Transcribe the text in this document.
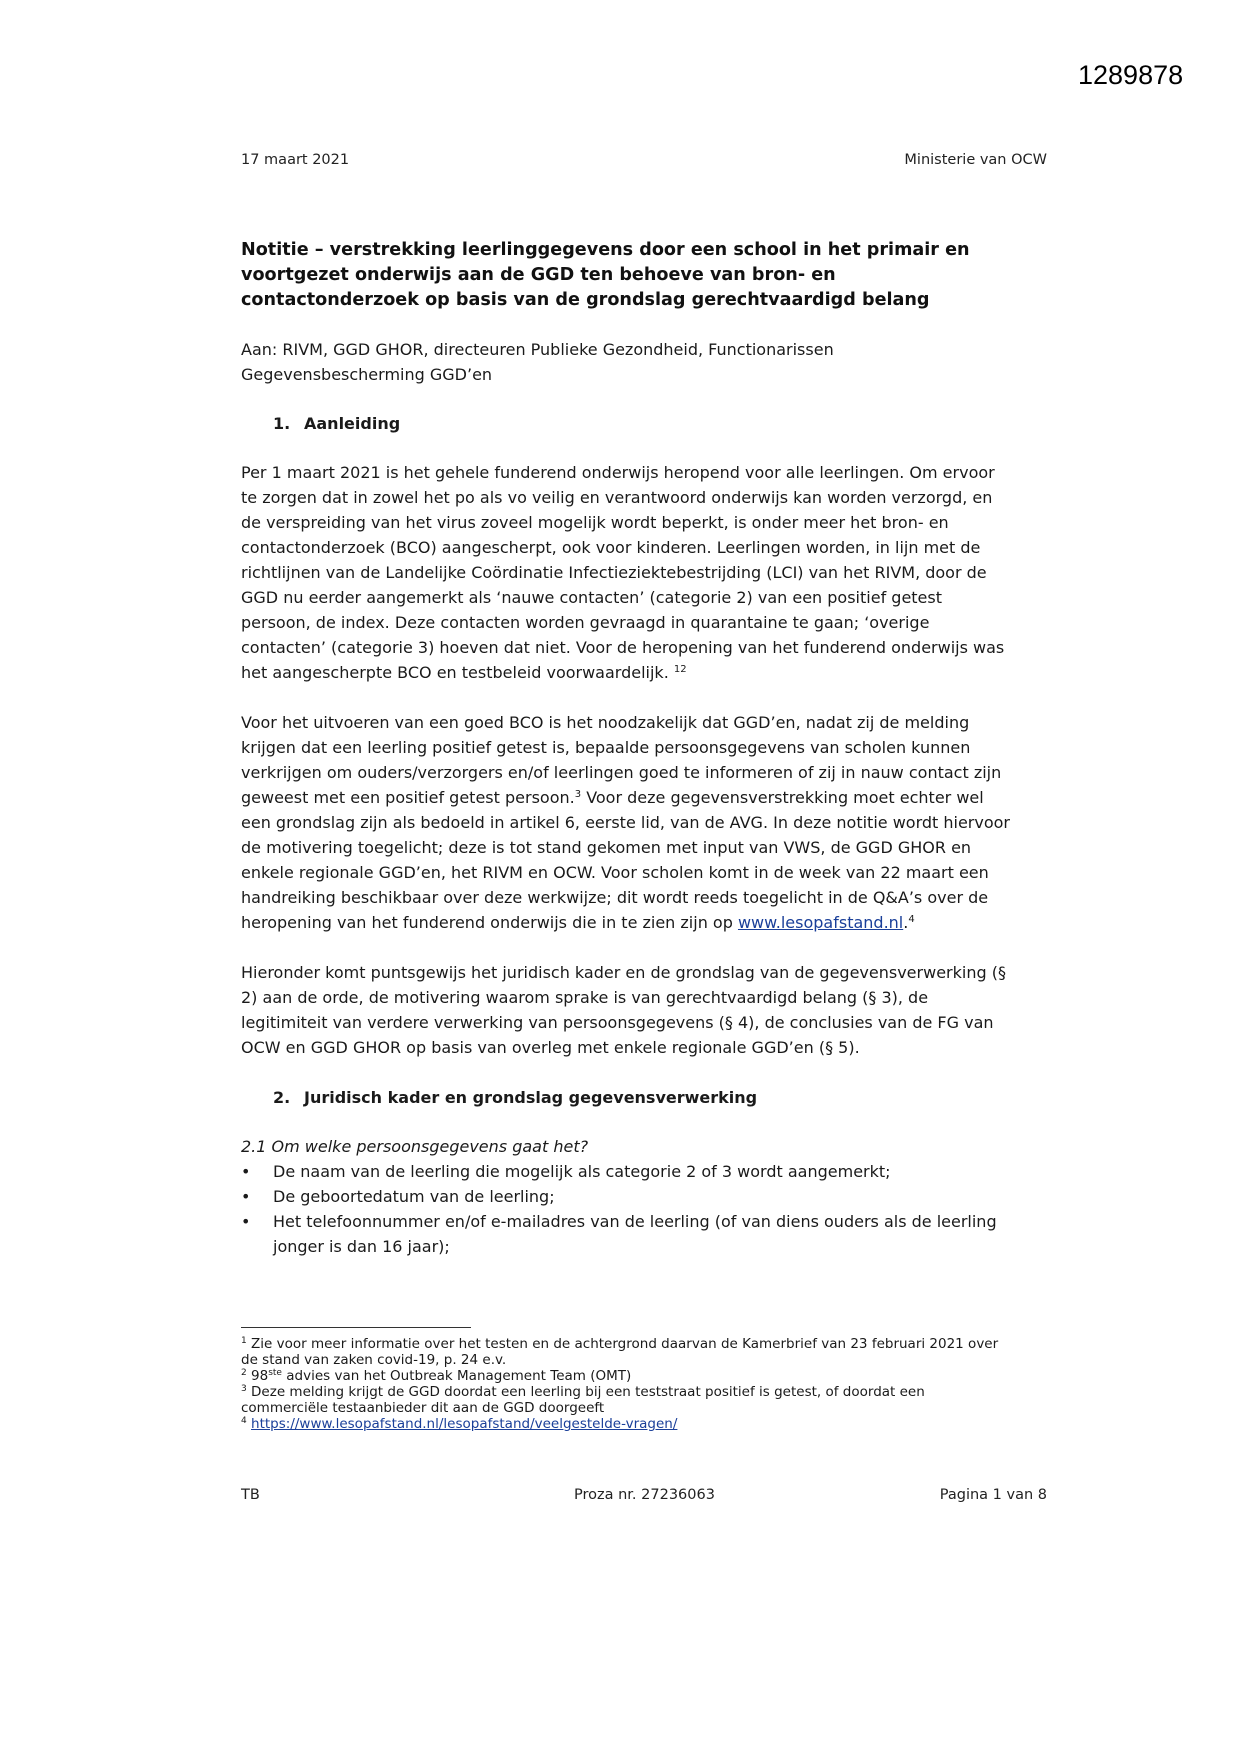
1289878
17 maart 2021	Ministerie van OCW

Notitie – verstrekking leerlinggegevens door een school in het primair en voortgezet onderwijs aan de GGD ten behoeve van bron- en contactonderzoek op basis van de grondslag gerechtvaardigd belang

Aan: RIVM, GGD GHOR, directeuren Publieke Gezondheid, Functionarissen Gegevensbescherming GGD’en

1. Aanleiding

Per 1 maart 2021 is het gehele funderend onderwijs heropend voor alle leerlingen. Om ervoor te zorgen dat in zowel het po als vo veilig en verantwoord onderwijs kan worden verzorgd, en de verspreiding van het virus zoveel mogelijk wordt beperkt, is onder meer het bron- en contactonderzoek (BCO) aangescherpt, ook voor kinderen. Leerlingen worden, in lijn met de richtlijnen van de Landelijke Coördinatie Infectieziektebestrijding (LCI) van het RIVM, door de GGD nu eerder aangemerkt als ‘nauwe contacten’ (categorie 2) van een positief getest persoon, de index. Deze contacten worden gevraagd in quarantaine te gaan; ‘overige contacten’ (categorie 3) hoeven dat niet. Voor de heropening van het funderend onderwijs was het aangescherpte BCO en testbeleid voorwaardelijk. $^{12}$

Voor het uitvoeren van een goed BCO is het noodzakelijk dat GGD’en, nadat zij de melding krijgen dat een leerling positief getest is, bepaalde persoonsgegevens van scholen kunnen verkrijgen om ouders/verzorgers en/of leerlingen goed te informeren of zij in nauw contact zijn geweest met een positief getest persoon.$^3$ Voor deze gegevensverstrekking moet echter wel een grondslag zijn als bedoeld in artikel 6, eerste lid, van de AVG. In deze notitie wordt hiervoor de motivering toegelicht; deze is tot stand gekomen met input van VWS, de GGD GHOR en enkele regionale GGD’en, het RIVM en OCW. Voor scholen komt in de week van 22 maart een handreiking beschikbaar over deze werkwijze; dit wordt reeds toegelicht in de Q&A’s over de heropening van het funderend onderwijs die in te zien zijn op www.lesopafstand.nl.$^4$

Hieronder komt puntsgewijs het juridisch kader en de grondslag van de gegevensverwerking (§ 2) aan de orde, de motivering waarom sprake is van gerechtvaardigd belang (§ 3), de legitimiteit van verdere verwerking van persoonsgegevens (§ 4), de conclusies van de FG van OCW en GGD GHOR op basis van overleg met enkele regionale GGD’en (§ 5).

2. Juridisch kader en grondslag gegevensverwerking

2.1 Om welke persoonsgegevens gaat het?

• De naam van de leerling die mogelijk als categorie 2 of 3 wordt aangemerkt;
• De geboortedatum van de leerling;
• Het telefoonnummer en/of e-mailadres van de leerling (of van diens ouders als de leerling jonger is dan 16 jaar);

$^1$ Zie voor meer informatie over het testen en de achtergrond daarvan de Kamerbrief van 23 februari 2021 over de stand van zaken covid-19, p. 24 e.v.

$^2$ 98ste advies van het Outbreak Management Team (OMT)

$^3$ Deze melding krijgt de GGD doordat een leerling bij een teststraat positief is getest, of doordat een commerciële testaanbieder dit aan de GGD doorgeeft

$^4$ https://www.lesopafstand.nl/lesopafstand/veelgestelde-vragen/

TB	Proza nr. 27236063	Pagina 1 van 8
